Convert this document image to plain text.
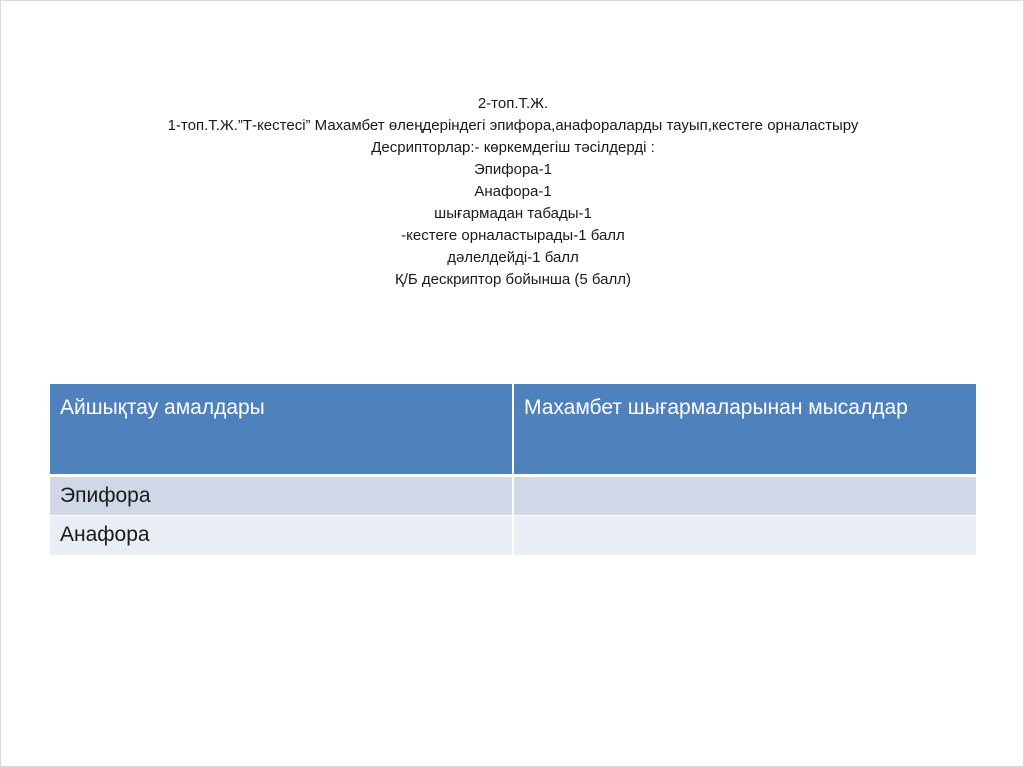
2-топ.Т.Ж.
1-топ.Т.Ж.”Т-кестесі” Махамбет өлеңдеріндегі эпифора,анафораларды тауып,кестеге орналастыру
Десрипторлар:- көркемдегіш тәсілдерді :
Эпифора-1
Анафора-1
шығармадан табады-1
-кестеге орналастырады-1 балл
дәлелдейді-1 балл
Қ/Б дескриптор бойынша (5 балл)
Айшықтау амалдары	Махамбет шығармаларынан мысалдар
Эпифора	
Анафора	
